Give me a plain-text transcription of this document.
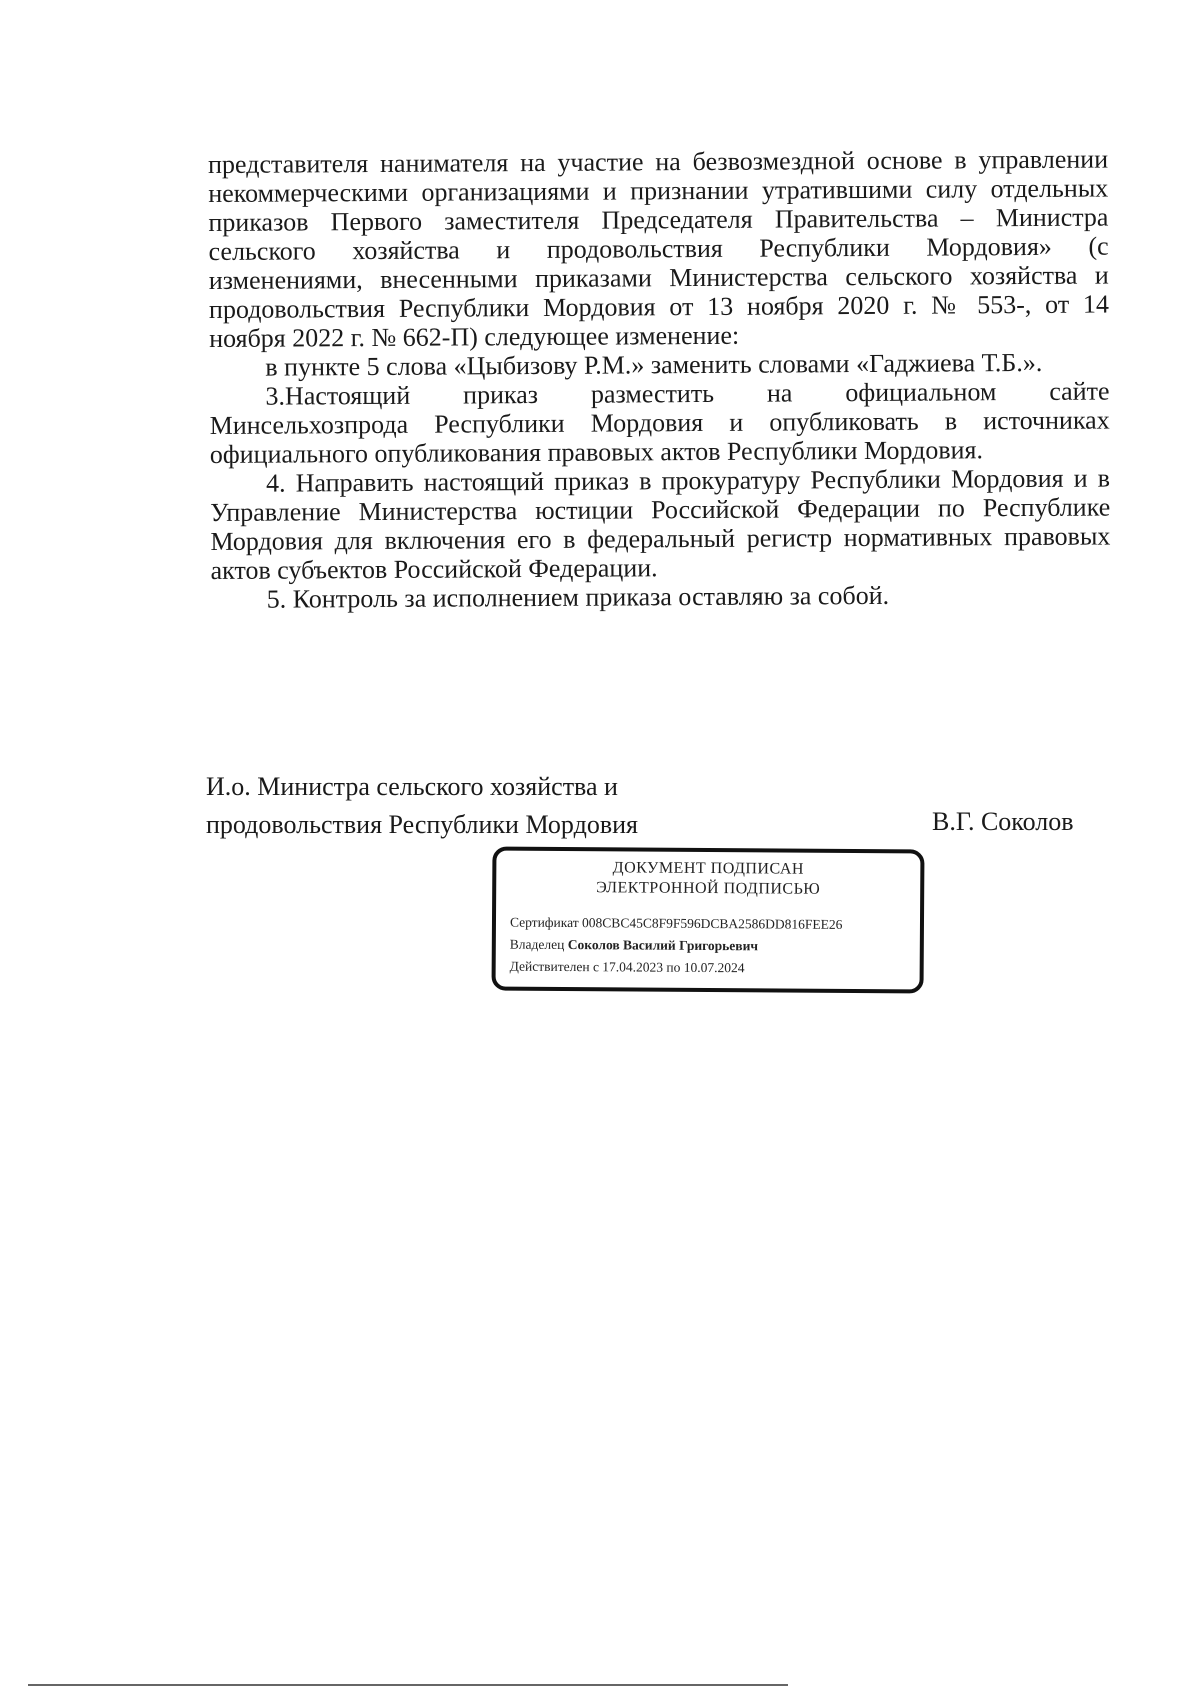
представителя нанимателя на участие на безвозмездной основе в управлении
некоммерческими организациями и признании утратившими силу отдельных
приказов Первого заместителя Председателя Правительства – Министра
сельского хозяйства и продовольствия Республики Мордовия» (с
изменениями, внесенными приказами Министерства сельского хозяйства и
продовольствия Республики Мордовия от 13 ноября 2020 г. № 553-, от 14
ноября 2022 г. № 662-П) следующее изменение:
в пункте 5 слова «Цыбизову Р.М.» заменить словами «Гаджиева Т.Б.».
3.Настоящий приказ разместить на официальном сайте
Минсельхозпрода Республики Мордовия и опубликовать в источниках
официального опубликования правовых актов Республики Мордовия.
4. Направить настоящий приказ в прокуратуру Республики Мордовия и в
Управление Министерства юстиции Российской Федерации по Республике
Мордовия для включения его в федеральный регистр нормативных правовых
актов субъектов Российской Федерации.
5. Контроль за исполнением приказа оставляю за собой.
И.о. Министра сельского хозяйства и
продовольствия Республики Мордовия	В.Г. Соколов
ДОКУМЕНТ ПОДПИСАН
ЭЛЕКТРОННОЙ ПОДПИСЬЮ
Сертификат 008CBC45C8F9F596DCBA2586DD816FEE26
Владелец Соколов Василий Григорьевич
Действителен с 17.04.2023 по 10.07.2024
